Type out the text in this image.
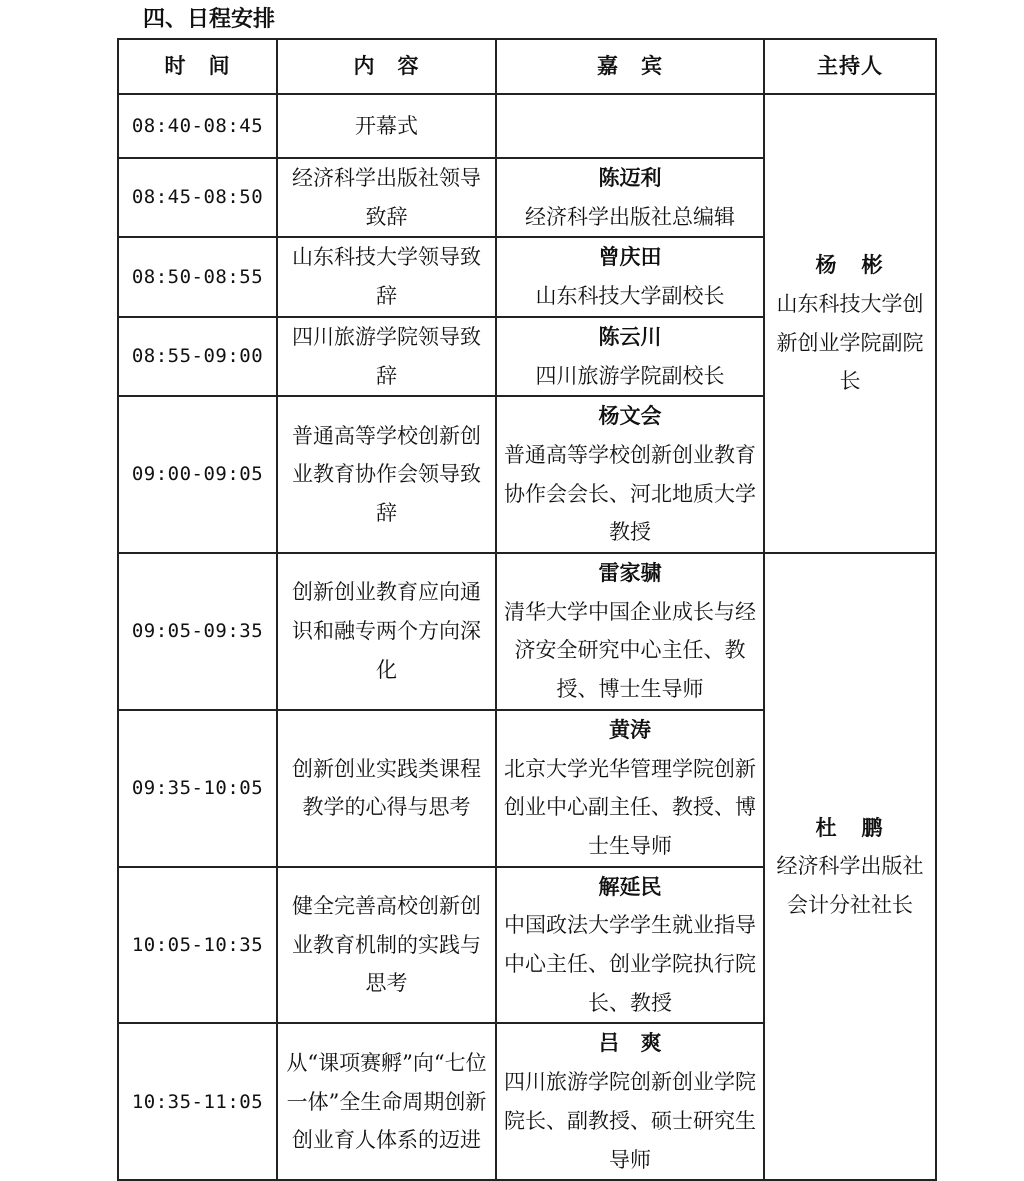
四、日程安排
时　间	内　容	嘉　宾	主持人
08:40-08:45	开幕式		杨　彬
山东科技大学创新创业学院副院长

08:45-08:50	经济科学出版社领导致辞	陈迈利
经济科学出版社总编辑	

08:50-08:55	山东科技大学领导致辞	曾庆田
山东科技大学副校长	

08:55-09:00	四川旅游学院领导致辞	陈云川
四川旅游学院副校长	

09:00-09:05	普通高等学校创新创业教育协作会领导致辞	杨文会
普通高等学校创新创业教育协作会会长、河北地质大学教授	

09:05-09:35	创新创业教育应向通识和融专两个方向深化	雷家骕
清华大学中国企业成长与经济安全研究中心主任、教授、博士生导师	杜　鹏
经济科学出版社会计分社社长

09:35-10:05	创新创业实践类课程教学的心得与思考	黄涛
北京大学光华管理学院创新创业中心副主任、教授、博士生导师	

10:05-10:35	健全完善高校创新创业教育机制的实践与思考	解延民
中国政法大学学生就业指导中心主任、创业学院执行院长、教授	

10:35-11:05	从“课项赛孵”向“七位一体”全生命周期创新创业育人体系的迈进	吕　爽
四川旅游学院创新创业学院院长、副教授、硕士研究生导师	
